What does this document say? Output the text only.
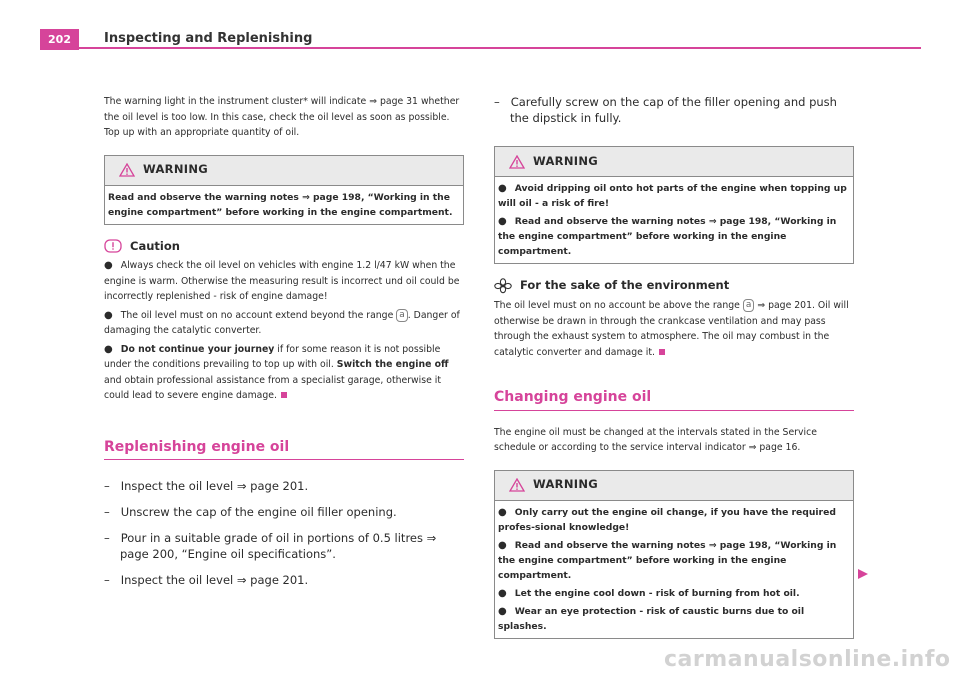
202	Inspecting and Replenishing

The warning light in the instrument cluster* will indicate ⇒ page 31 whether the oil level is too low. In this case, check the oil level as soon as possible. Top up with an appropriate quantity of oil.

WARNING

Read and observe the warning notes ⇒ page 198, “Working in the engine compartment” before working in the engine compartment.

Caution

● Always check the oil level on vehicles with engine 1.2 l/47 kW when the engine is warm. Otherwise the measuring result is incorrect und oil could be incorrectly replenished - risk of engine damage!

● The oil level must on no account extend beyond the range a . Danger of damaging the catalytic converter.

● Do not continue your journey if for some reason it is not possible under the conditions prevailing to top up with oil. Switch the engine off and obtain professional assistance from a specialist garage, otherwise it could lead to severe engine damage.

Replenishing engine oil

–   Inspect the oil level ⇒ page 201.

–   Unscrew the cap of the engine oil filler opening.

–   Pour in a suitable grade of oil in portions of 0.5 litres ⇒ page 200, “Engine oil specifications”.

–   Inspect the oil level ⇒ page 201.

–   Carefully screw on the cap of the filler opening and push the dipstick in fully.

WARNING

● Avoid dripping oil onto hot parts of the engine when topping up will oil - a risk of fire!

● Read and observe the warning notes ⇒ page 198, “Working in the engine compartment” before working in the engine compartment.

For the sake of the environment

The oil level must on no account be above the range a ⇒ page 201. Oil will otherwise be drawn in through the crankcase ventilation and may pass through the exhaust system to atmosphere. The oil may combust in the catalytic converter and damage it.

Changing engine oil

The engine oil must be changed at the intervals stated in the Service schedule or according to the service interval indicator ⇒ page 16.

WARNING

● Only carry out the engine oil change, if you have the required profes-sional knowledge!

● Read and observe the warning notes ⇒ page 198, “Working in the engine compartment” before working in the engine compartment.

● Let the engine cool down - risk of burning from hot oil.

● Wear an eye protection - risk of caustic burns due to oil splashes.

carmanualsonline.info
